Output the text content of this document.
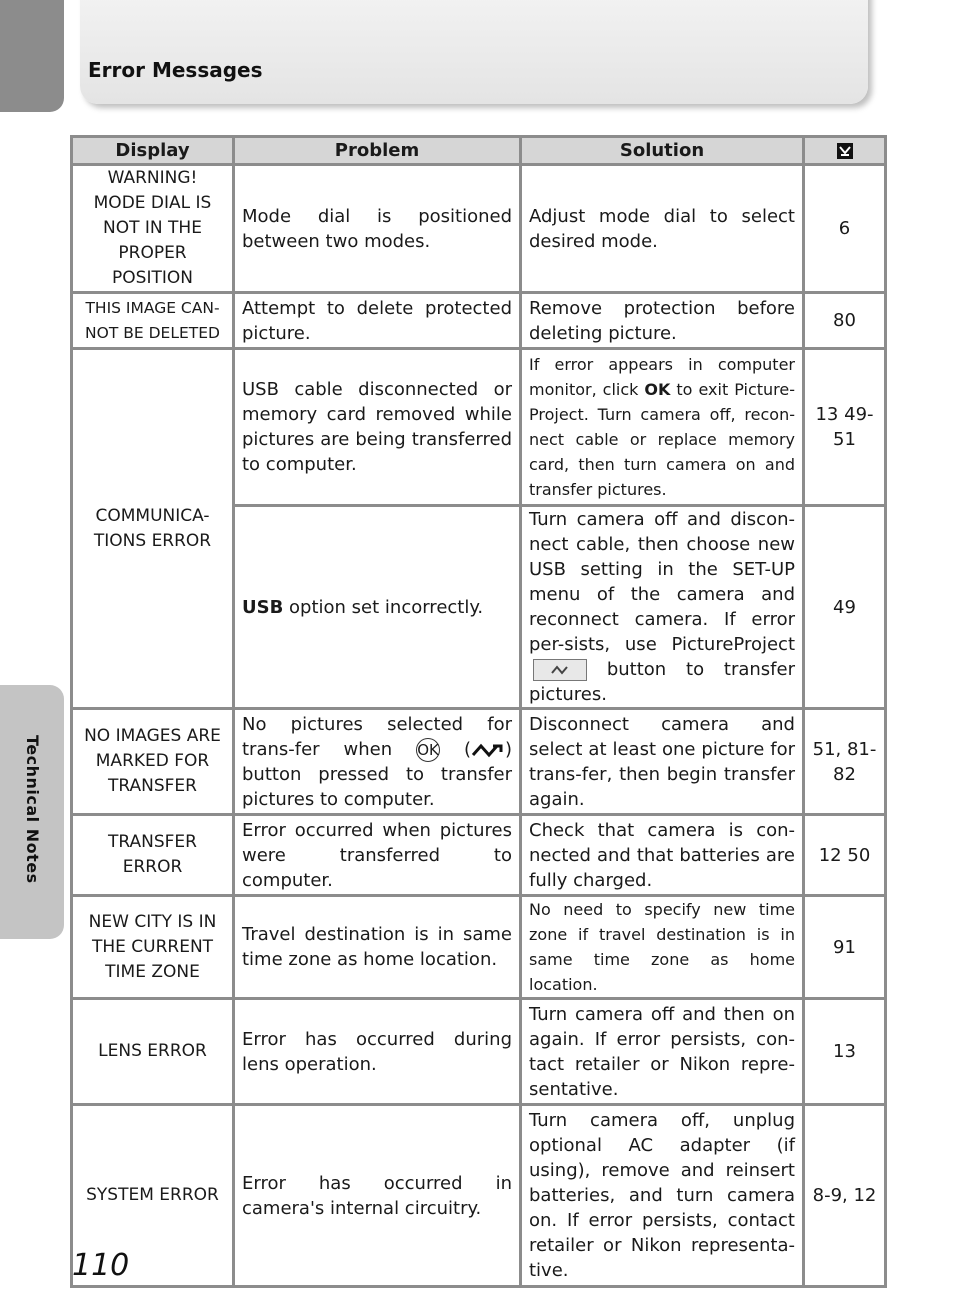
Error Messages
Technical Notes
Display	Problem	Solution	
WARNING! MODE DIAL IS NOT IN THE PROPER POSITION	Mode dial is positioned between two modes.	Adjust mode dial to select desired mode.	6
THIS IMAGE CAN-NOT BE DELETED	Attempt to delete protected picture.	Remove protection before deleting picture.	80
COMMUNICA-TIONS ERROR	USB cable disconnected or memory card removed while pictures are being transferred to computer.	If error appears in computer monitor, click OK to exit Picture-Project. Turn camera off, recon-nect cable or replace memory card, then turn camera on and transfer pictures.	13 49-51
	USB option set incorrectly.	Turn camera off and discon-nect cable, then choose new USB setting in the SET-UP menu of the camera and reconnect camera. If error per-sists, use PictureProject button to transfer pictures.	49
NO IMAGES ARE MARKED FOR TRANSFER	No pictures selected for trans-fer when OK ( ) button pressed to transfer pictures to computer.	Disconnect camera and select at least one picture for trans-fer, then begin transfer again.	51, 81-82
TRANSFER ERROR	Error occurred when pictures were transferred to computer.	Check that camera is con-nected and that batteries are fully charged.	12 50
NEW CITY IS IN THE CURRENT TIME ZONE	Travel destination is in same time zone as home location.	No need to specify new time zone if travel destination is in same time zone as home location.	91
LENS ERROR	Error has occurred during lens operation.	Turn camera off and then on again. If error persists, con-tact retailer or Nikon repre-sentative.	13
SYSTEM ERROR	Error has occurred in camera's internal circuitry.	Turn camera off, unplug optional AC adapter (if using), remove and reinsert batteries, and turn camera on. If error persists, contact retailer or Nikon representa-tive.	8-9, 12
110
